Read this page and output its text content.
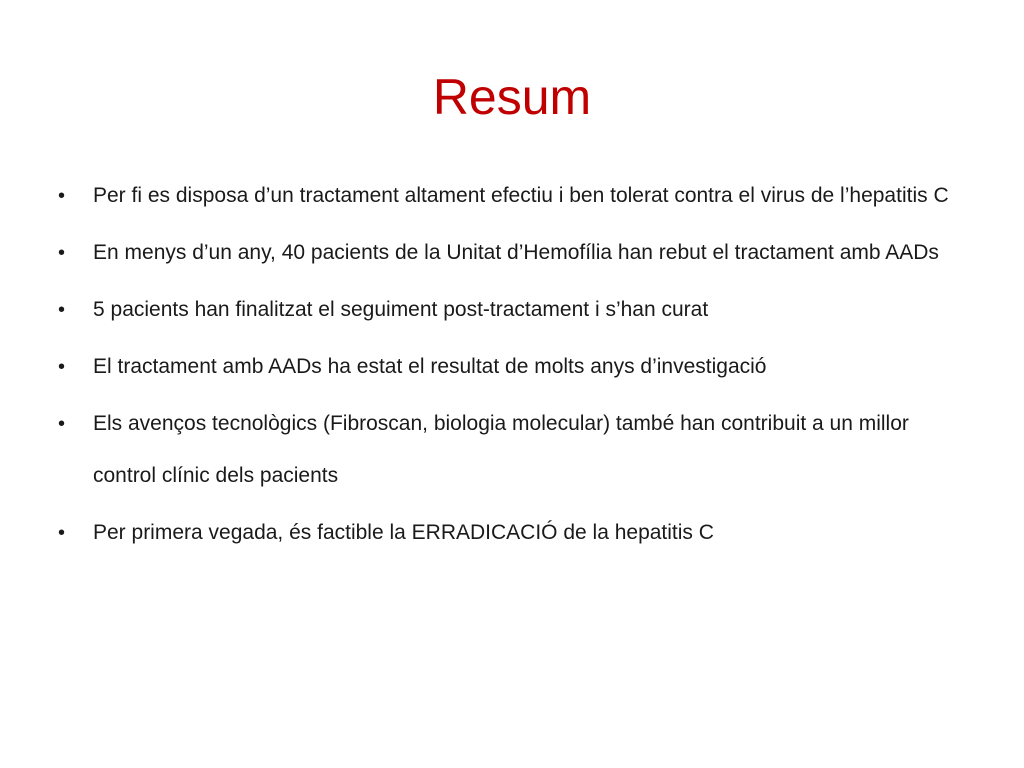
Resum
•	Per fi es disposa d’un tractament altament efectiu i ben tolerat contra el virus de l’hepatitis C
•	En menys d’un any, 40 pacients de la Unitat d’Hemofília han rebut el tractament amb AADs
•	5 pacients han finalitzat el seguiment post-tractament i s’han curat
•	El tractament amb AADs ha estat el resultat de molts anys d’investigació
•	Els avenços tecnològics (Fibroscan, biologia molecular) també han contribuit a un millor control clínic dels pacients
•	Per primera vegada, és factible la ERRADICACIÓ de la hepatitis C
